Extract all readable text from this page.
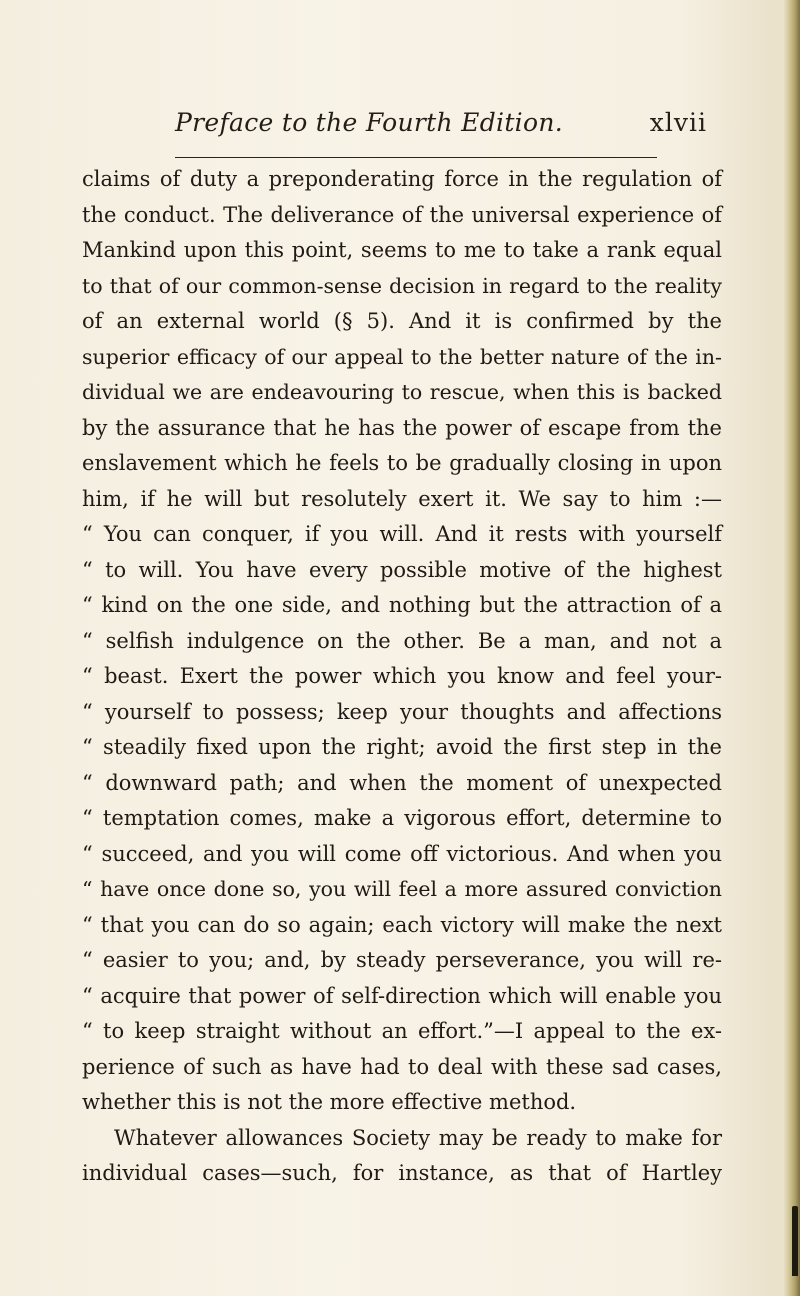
Preface to the Fourth Edition.	xlvii
claims of duty a preponderating force in the regulation of
the conduct. The deliverance of the universal experience of
Mankind upon this point, seems to me to take a rank equal
to that of our common-sense decision in regard to the reality
of an external world (§ 5). And it is confirmed by the
superior efficacy of our appeal to the better nature of the in-
dividual we are endeavouring to rescue, when this is backed
by the assurance that he has the power of escape from the
enslavement which he feels to be gradually closing in upon
him, if he will but resolutely exert it. We say to him :—
“ You can conquer, if you will. And it rests with yourself
“ to will. You have every possible motive of the highest
“ kind on the one side, and nothing but the attraction of a
“ selfish indulgence on the other. Be a man, and not a
“ beast. Exert the power which you know and feel your-
“ yourself to possess; keep your thoughts and affections
“ steadily fixed upon the right; avoid the first step in the
“ downward path; and when the moment of unexpected
“ temptation comes, make a vigorous effort, determine to
“ succeed, and you will come off victorious. And when you
“ have once done so, you will feel a more assured conviction
“ that you can do so again; each victory will make the next
“ easier to you; and, by steady perseverance, you will re-
“ acquire that power of self-direction which will enable you
“ to keep straight without an effort.”—I appeal to the ex-
perience of such as have had to deal with these sad cases,
whether this is not the more effective method.
Whatever allowances Society may be ready to make for
individual cases—such, for instance, as that of Hartley
